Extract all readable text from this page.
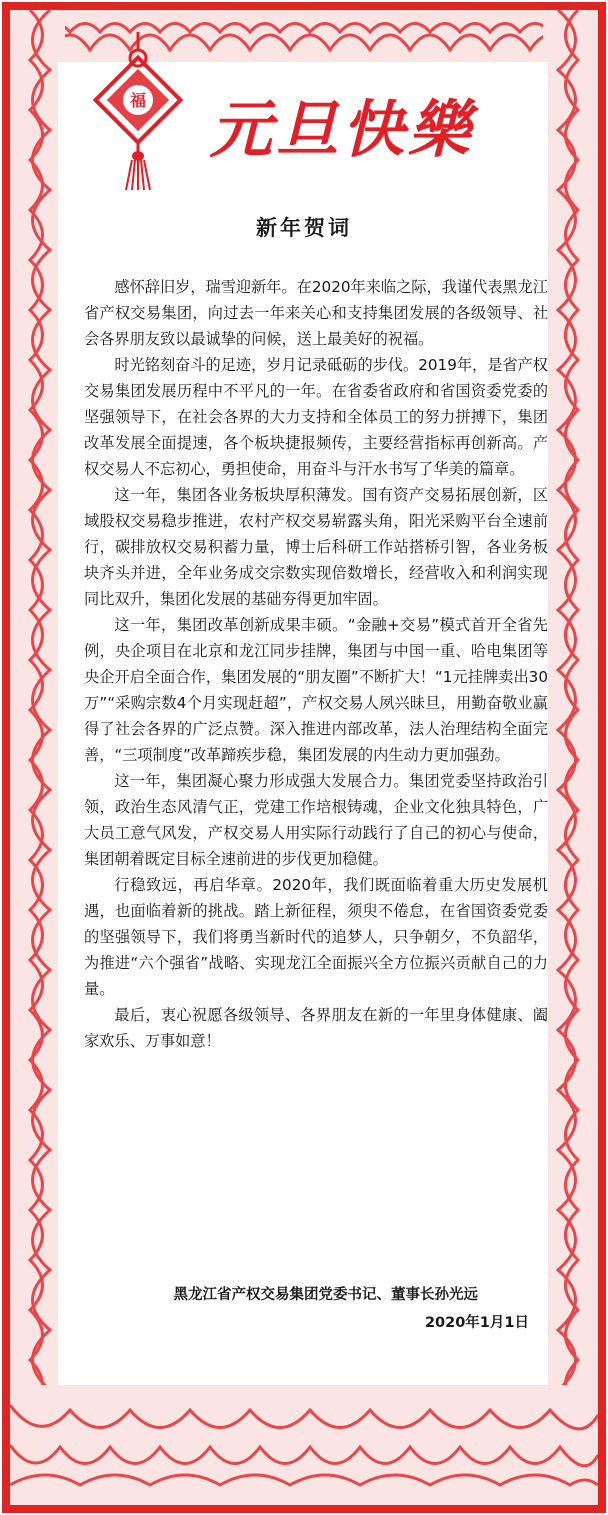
福 元旦快樂
新年贺词

感怀辞旧岁，瑞雪迎新年。在2020年来临之际，我谨代表黑龙江省产权交易集团，向过去一年来关心和支持集团发展的各级领导、社会各界朋友致以最诚挚的问候，送上最美好的祝福。

时光铭刻奋斗的足迹，岁月记录砥砺的步伐。2019年，是省产权交易集团发展历程中不平凡的一年。在省委省政府和省国资委党委的坚强领导下，在社会各界的大力支持和全体员工的努力拼搏下，集团改革发展全面提速，各个板块捷报频传，主要经营指标再创新高。产权交易人不忘初心，勇担使命，用奋斗与汗水书写了华美的篇章。

这一年，集团各业务板块厚积薄发。国有资产交易拓展创新，区域股权交易稳步推进，农村产权交易崭露头角，阳光采购平台全速前行，碳排放权交易积蓄力量，博士后科研工作站搭桥引智，各业务板块齐头并进，全年业务成交宗数实现倍数增长，经营收入和利润实现同比双升，集团化发展的基础夯得更加牢固。

这一年，集团改革创新成果丰硕。“金融+交易”模式首开全省先例，央企项目在北京和龙江同步挂牌，集团与中国一重、哈电集团等央企开启全面合作，集团发展的“朋友圈”不断扩大！“1元挂牌卖出30万”“采购宗数4个月实现赶超”，产权交易人夙兴昧旦，用勤奋敬业赢得了社会各界的广泛点赞。深入推进内部改革，法人治理结构全面完善，“三项制度”改革蹄疾步稳，集团发展的内生动力更加强劲。

这一年，集团凝心聚力形成强大发展合力。集团党委坚持政治引领，政治生态风清气正，党建工作培根铸魂，企业文化独具特色，广大员工意气风发，产权交易人用实际行动践行了自己的初心与使命，集团朝着既定目标全速前进的步伐更加稳健。

行稳致远，再启华章。2020年，我们既面临着重大历史发展机遇，也面临着新的挑战。踏上新征程，须臾不倦怠，在省国资委党委的坚强领导下，我们将勇当新时代的追梦人，只争朝夕，不负韶华，为推进“六个强省”战略、实现龙江全面振兴全方位振兴贡献自己的力量。

最后，衷心祝愿各级领导、各界朋友在新的一年里身体健康、阖家欢乐、万事如意！

黑龙江省产权交易集团党委书记、董事长孙光远
2020年1月1日
